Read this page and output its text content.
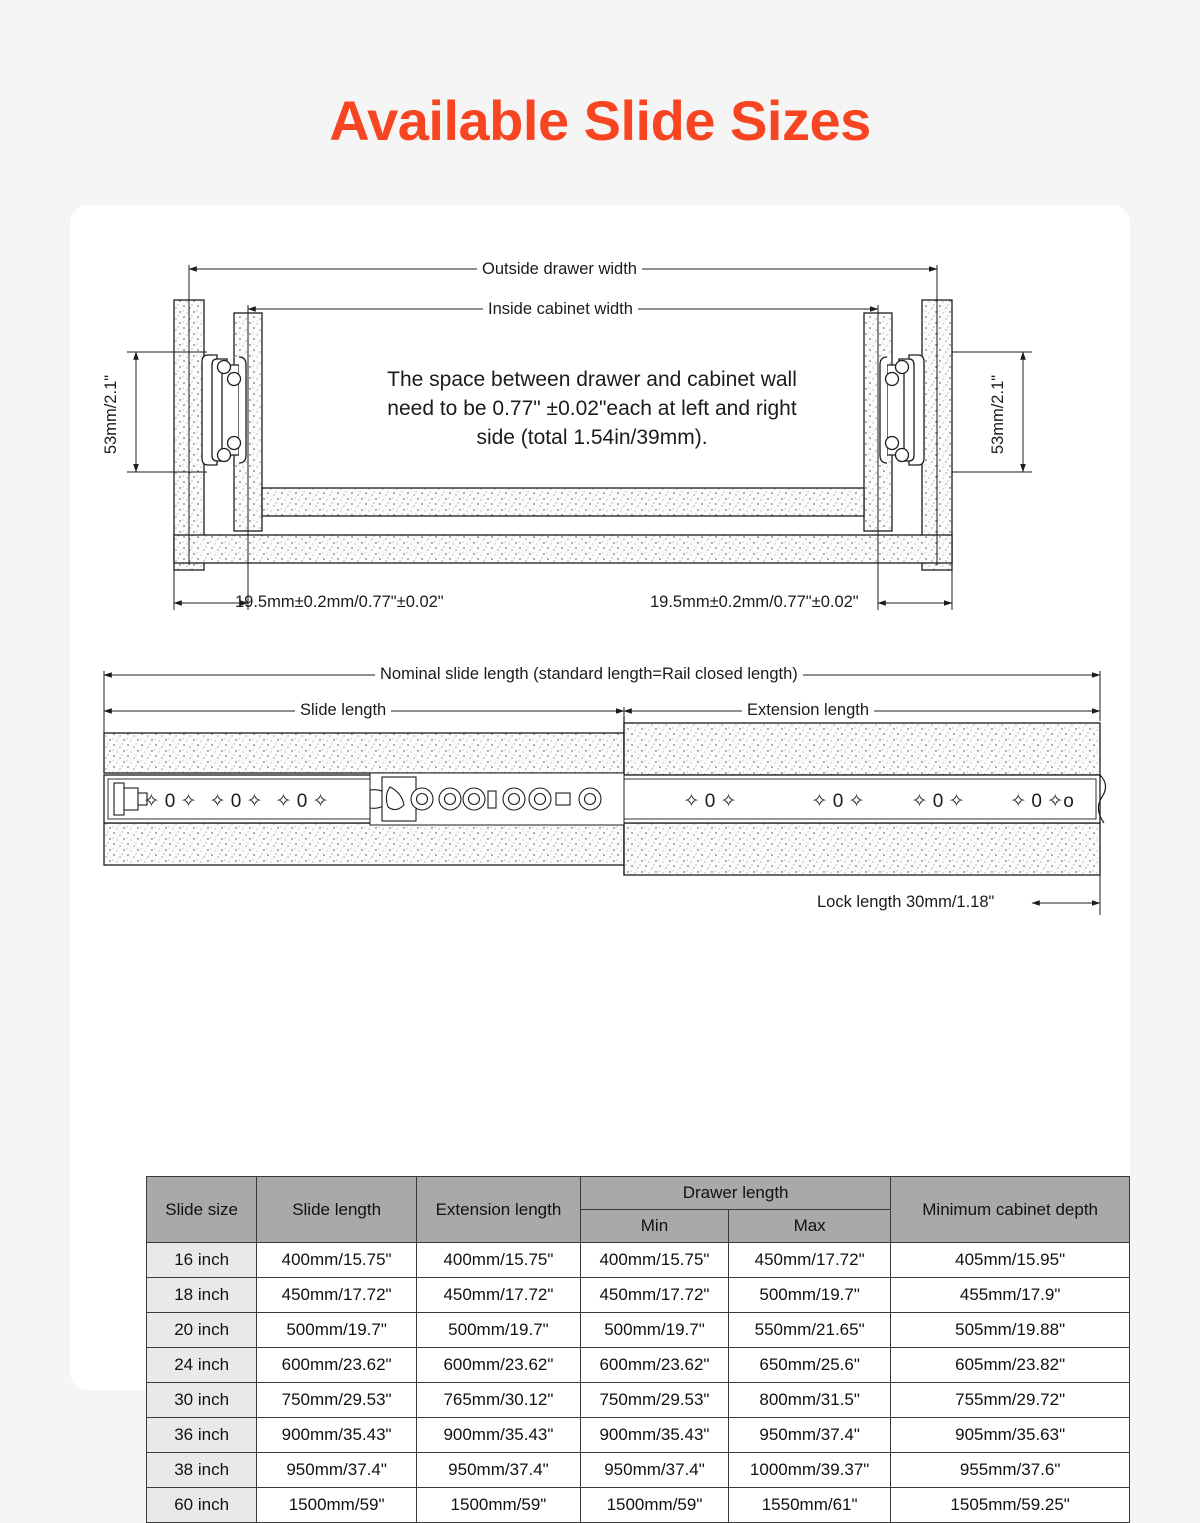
Available Slide Sizes
Outside drawer width
Inside cabinet width
19.5mm±0.2mm/0.77"±0.02"	19.5mm±0.2mm/0.77"±0.02"
53mm/2.1"	53mm/2.1"
The space between drawer and cabinet wall
need to be 0.77" ±0.02"each at left and right
side (total 1.54in/39mm).
✧ 0 ✧ ✧ 0 ✧ ✧ 0 ✧	✧ 0 ✧	✧ 0 ✧ ✧ 0 ✧ ✧ 0 ✧o
Nominal slide length (standard length=Rail closed length)
Slide length	Extension length
Lock length 30mm/1.18"
Slide size	Slide length	Extension length	Drawer length		Minimum cabinet depth
			Min	Max	
16 inch	400mm/15.75"	400mm/15.75"	400mm/15.75"	450mm/17.72"	405mm/15.95"
18 inch	450mm/17.72"	450mm/17.72"	450mm/17.72"	500mm/19.7"	455mm/17.9"
20 inch	500mm/19.7"	500mm/19.7"	500mm/19.7"	550mm/21.65"	505mm/19.88"
24 inch	600mm/23.62"	600mm/23.62"	600mm/23.62"	650mm/25.6"	605mm/23.82"
30 inch	750mm/29.53"	765mm/30.12"	750mm/29.53"	800mm/31.5"	755mm/29.72"
36 inch	900mm/35.43"	900mm/35.43"	900mm/35.43"	950mm/37.4"	905mm/35.63"
38 inch	950mm/37.4"	950mm/37.4"	950mm/37.4"	1000mm/39.37"	955mm/37.6"
60 inch	1500mm/59"	1500mm/59"	1500mm/59"	1550mm/61"	1505mm/59.25"
